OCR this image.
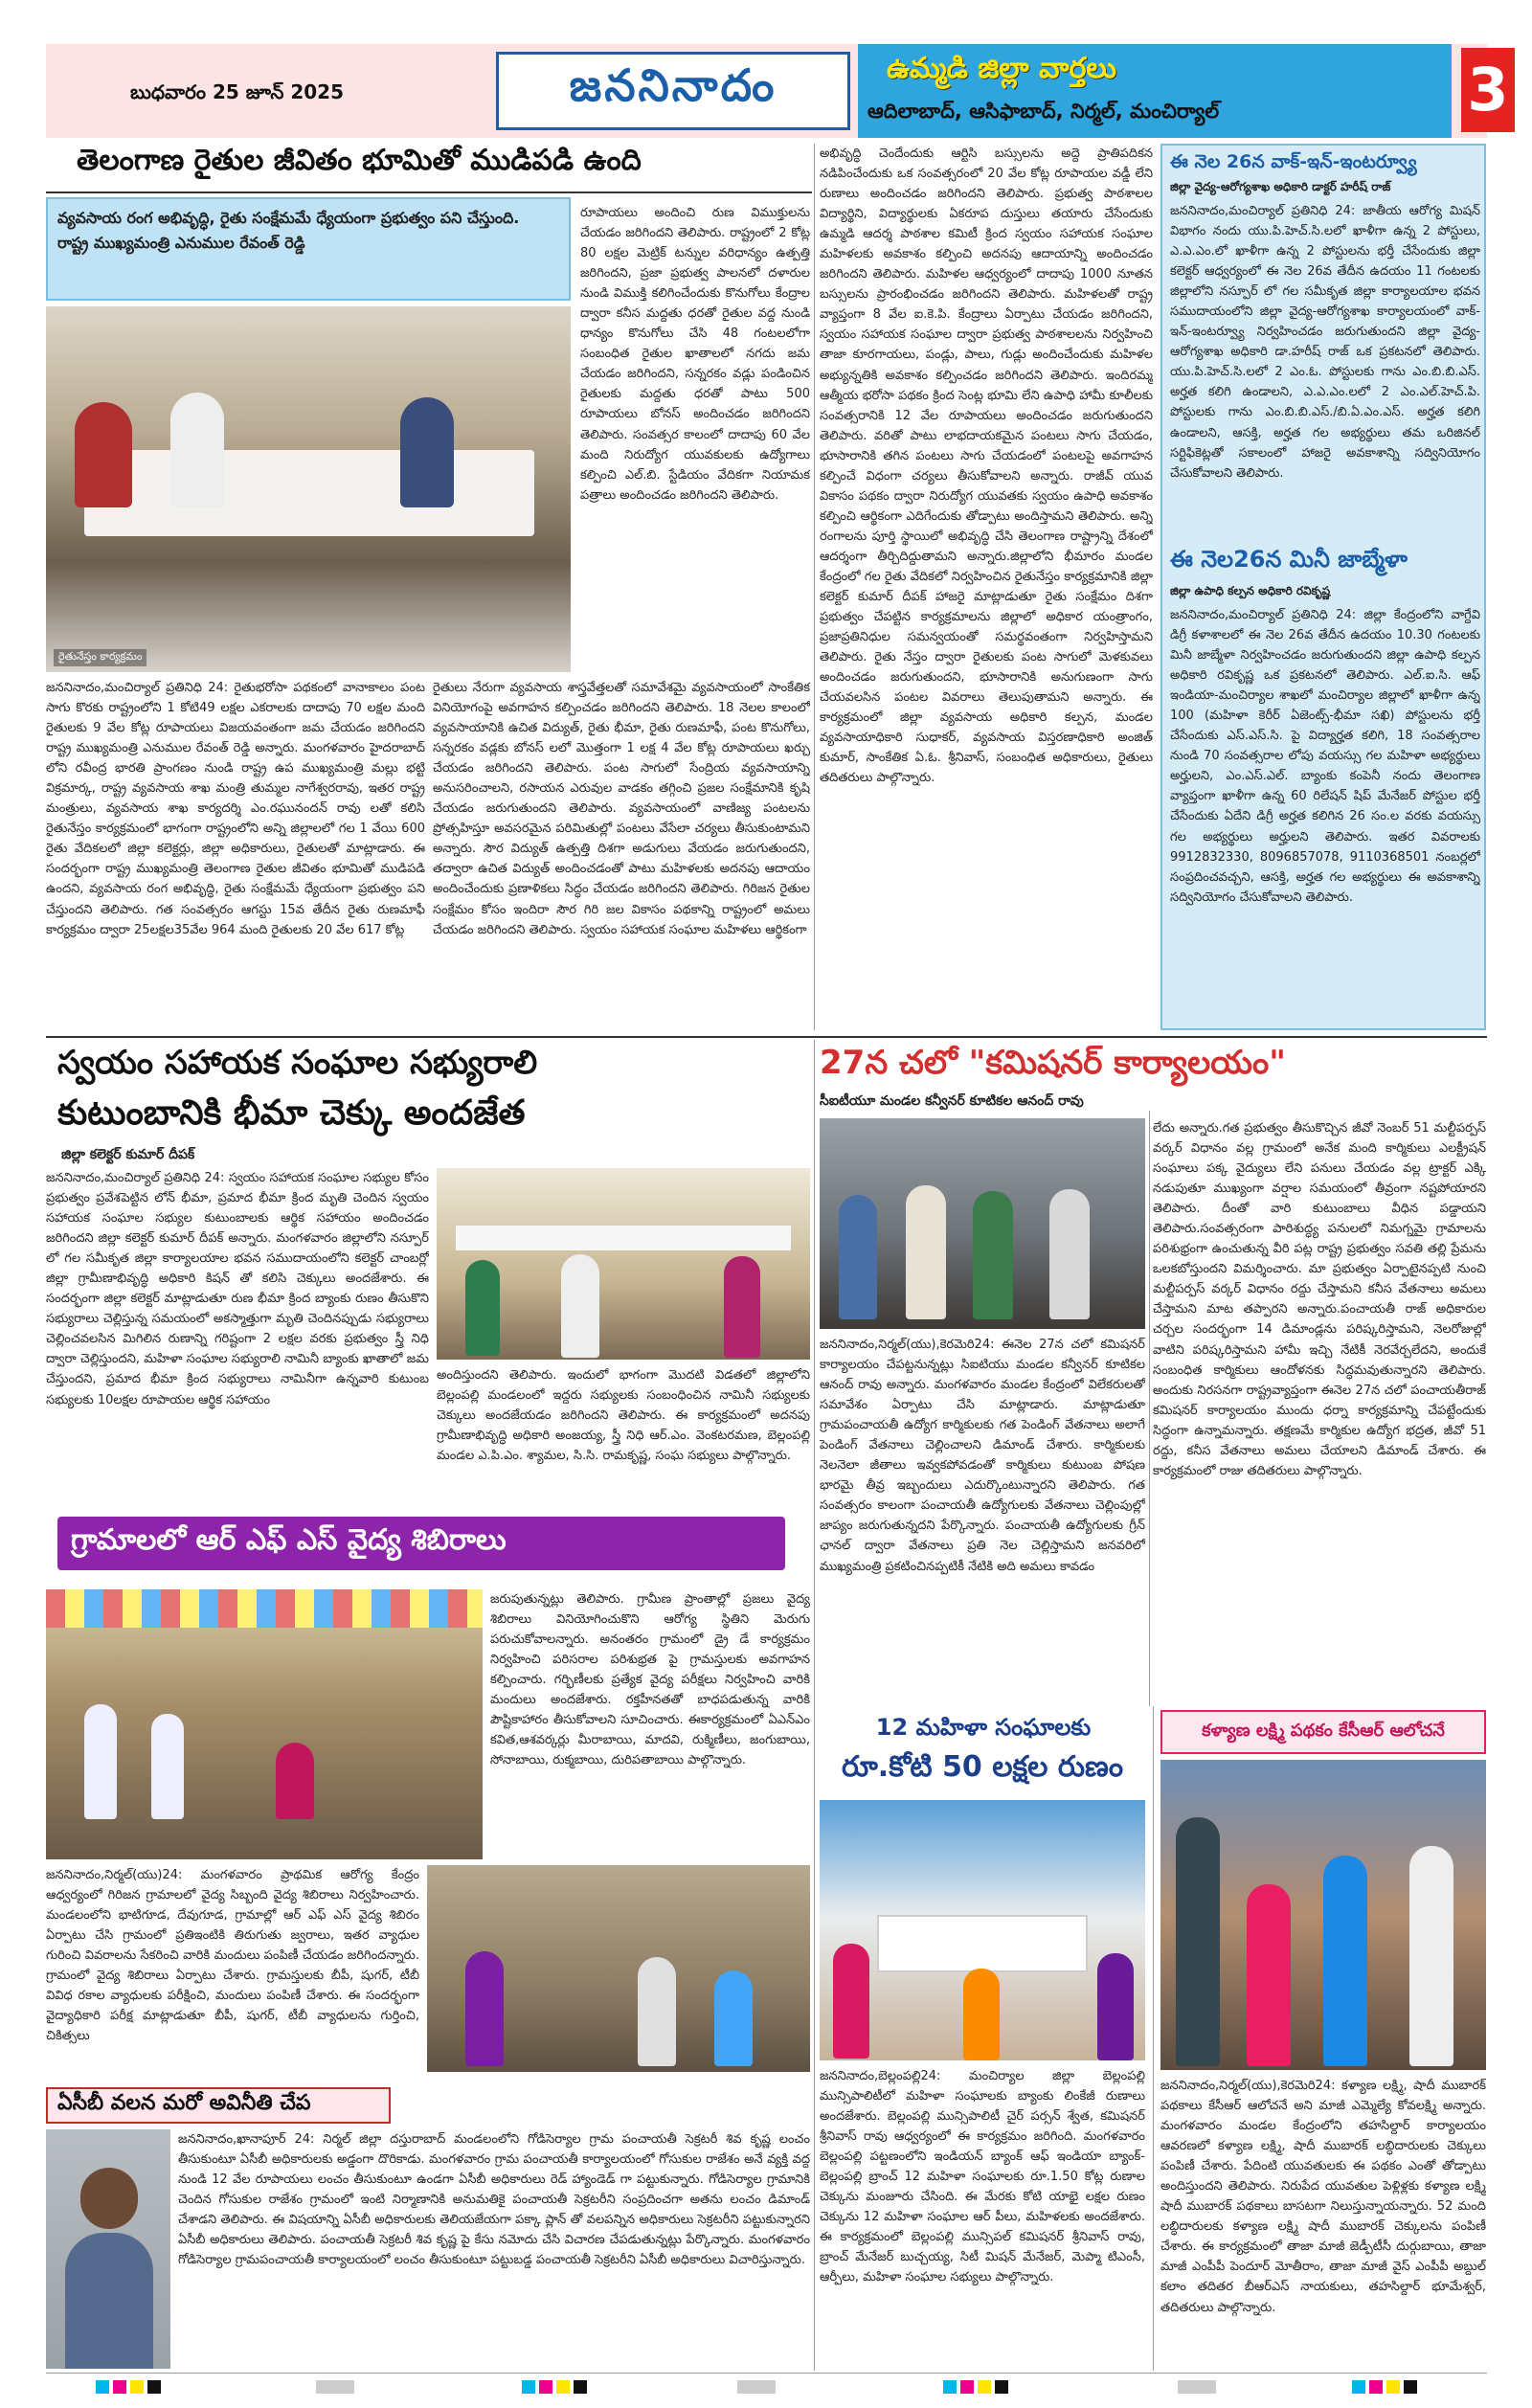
బుధవారం 25 జూన్ 2025	జననినాదం	ఉమ్మడి జిల్లా వార్తలు
ఆదిలాబాద్, ఆసిఫాబాద్, నిర్మల్, మంచిర్యాల్	3
తెలంగాణ రైతుల జీవితం భూమితో ముడిపడి ఉంది
వ్యవసాయ రంగ అభివృద్ధి, రైతు సంక్షేమమే ధ్యేయంగా ప్రభుత్వం పని చేస్తుంది.
రాష్ట్ర ముఖ్యమంత్రి ఎనుముల రేవంత్ రెడ్డి
రైతునేస్తం కార్యక్రమం
రూపాయలు అందించి రుణ విముక్తులను చేయడం జరిగిందని తెలిపారు. రాష్ట్రంలో 2 కోట్ల 80 లక్షల మెట్రిక్ టన్నుల వరిధాన్యం ఉత్పత్తి జరిగిందని, ప్రజా ప్రభుత్వ పాలనలో దళారుల నుండి విముక్తి కలిగించేందుకు కొనుగోలు కేంద్రాల ద్వారా కనీస మద్దతు ధరతో రైతుల వద్ద నుండి ధాన్యం కొనుగోలు చేసి 48 గంటలలోగా సంబంధిత రైతుల ఖాతాలలో నగదు జమ చేయడం జరిగిందని, సన్నరకం వడ్లు పండించిన రైతులకు మద్దతు ధరతో పాటు 500 రూపాయలు బోనస్ అందించడం జరిగిందని తెలిపారు. సంవత్సర కాలంలో దాదాపు 60 వేల మంది నిరుద్యోగ యువకులకు ఉద్యోగాలు కల్పించి ఎల్.బి. స్టేడియం వేదికగా నియామక పత్రాలు అందించడం జరిగిందని తెలిపారు.
జననినాదం,మంచిర్యాల్ ప్రతినిధి 24: రైతుభరోసా పథకంలో వానాకాలం పంట సాగు కొరకు రాష్ట్రంలోని 1 కోటి49 లక్షల ఎకరాలకు దాదాపు 70 లక్షల మంది రైతులకు 9 వేల కోట్ల రూపాయలు విజయవంతంగా జమ చేయడం జరిగిందని రాష్ట్ర ముఖ్యమంత్రి ఎనుముల రేవంత్ రెడ్డి అన్నారు. మంగళవారం హైదరాబాద్ లోని రవీంద్ర భారతి ప్రాంగణం నుండి రాష్ట్ర ఉప ముఖ్యమంత్రి మల్లు భట్టి విక్రమార్క, రాష్ట్ర వ్యవసాయ శాఖ మంత్రి తుమ్మల నాగేశ్వరరావు, ఇతర రాష్ట్ర మంత్రులు, వ్యవసాయ శాఖ కార్యదర్శి ఎం.రఘునందన్ రావు లతో కలిసి రైతునేస్తం కార్యక్రమంలో భాగంగా రాష్ట్రంలోని అన్ని జిల్లాలలో గల 1 వేయి 600 రైతు వేదికలలో జిల్లా కలెక్టర్లు, జిల్లా అధికారులు, రైతులతో మాట్లాడారు. ఈ సందర్భంగా రాష్ట్ర ముఖ్యమంత్రి తెలంగాణ రైతుల జీవితం భూమితో ముడిపడి ఉందని, వ్యవసాయ రంగ అభివృద్ధి, రైతు సంక్షేమమే ధ్యేయంగా ప్రభుత్వం పని చేస్తుందని తెలిపారు. గత సంవత్సరం ఆగస్టు 15వ తేదీన రైతు రుణమాఫీ కార్యక్రమం ద్వారా 25లక్షల35వేల 964 మంది రైతులకు 20 వేల 617 కోట్ల
రైతులు నేరుగా వ్యవసాయ శాస్త్రవేత్తలతో సమావేశమై వ్యవసాయంలో సాంకేతిక వినియోగంపై అవగాహన కల్పించడం జరిగిందని తెలిపారు. 18 నెలల కాలంలో వ్యవసాయానికి ఉచిత విద్యుత్, రైతు భీమా, రైతు రుణమాఫీ, పంట కొనుగోలు, సన్నరకం వడ్లకు బోనస్ లలో మొత్తంగా 1 లక్ష 4 వేల కోట్ల రూపాయలు ఖర్చు చేయడం జరిగిందని తెలిపారు. పంట సాగులో సేంద్రియ వ్యవసాయాన్ని అనుసరించాలని, రసాయన ఎరువుల వాడకం తగ్గించి ప్రజల సంక్షేమానికి కృషి చేయడం జరుగుతుందని తెలిపారు. వ్యవసాయంలో వాణిజ్య పంటలను ప్రోత్సహిస్తూ అవసరమైన పరిమితుల్లో పంటలు వేసేలా చర్యలు తీసుకుంటామని అన్నారు. సౌర విద్యుత్ ఉత్పత్తి దిశగా అడుగులు వేయడం జరుగుతుందని, తద్వారా ఉచిత విద్యుత్ అందించడంతో పాటు మహిళలకు అదనపు ఆదాయం అందించేందుకు ప్రణాళికలు సిద్ధం చేయడం జరిగిందని తెలిపారు. గిరిజన రైతుల సంక్షేమం కోసం ఇందిరా సౌర గిరి జల వికాసం పథకాన్ని రాష్ట్రంలో అమలు చేయడం జరిగిందని తెలిపారు. స్వయం సహాయక సంఘాల మహిళలు ఆర్థికంగా
అభివృద్ధి చెందేందుకు ఆర్టిసి బస్సులను అద్దె ప్రాతిపదికన నడిపించేందుకు ఒక సంవత్సరంలో 20 వేల కోట్ల రూపాయల వడ్డీ లేని రుణాలు అందించడం జరిగిందని తెలిపారు. ప్రభుత్వ పాఠశాలల విద్యార్థిని, విద్యార్థులకు ఏకరూప దుస్తులు తయారు చేసేందుకు ఉమ్మడి ఆదర్శ పాఠశాల కమిటీ క్రింద స్వయం సహాయక సంఘాల మహిళలకు అవకాశం కల్పించి అదనపు ఆదాయాన్ని అందించడం జరిగిందని తెలిపారు. మహిళల ఆధ్వర్యంలో దాదాపు 1000 నూతన బస్సులను ప్రారంభించడం జరిగిందని తెలిపారు. మహిళలతో రాష్ట్ర వ్యాప్తంగా 8 వేల ఐ.కె.పి. కేంద్రాలు ఏర్పాటు చేయడం జరిగిందని, స్వయం సహాయక సంఘాల ద్వారా ప్రభుత్వ పాఠశాలలను నిర్వహించి తాజా కూరగాయలు, పండ్లు, పాలు, గుడ్లు అందించేందుకు మహిళల అభ్యున్నతికి అవకాశం కల్పించడం జరిగిందని తెలిపారు. ఇందిరమ్మ ఆత్మీయ భరోసా పథకం క్రింద సెంట్ల భూమి లేని ఉపాధి హామీ కూలీలకు సంవత్సరానికి 12 వేల రూపాయలు అందించడం జరుగుతుందని తెలిపారు. వరితో పాటు లాభదాయకమైన పంటలు సాగు చేయడం, భూసారానికి తగిన పంటలు సాగు చేయడంలో పంటలపై అవగాహన కల్పించే విధంగా చర్యలు తీసుకోవాలని అన్నారు. రాజీవ్ యువ వికాసం పథకం ద్వారా నిరుద్యోగ యువతకు స్వయం ఉపాధి అవకాశం కల్పించి ఆర్థికంగా ఎదిగేందుకు తోడ్పాటు అందిస్తామని తెలిపారు. అన్ని రంగాలను పూర్తి స్థాయిలో అభివృద్ధి చేసి తెలంగాణ రాష్ట్రాన్ని దేశంలో ఆదర్శంగా తీర్చిదిద్దుతామని అన్నారు.జిల్లాలోని భీమారం మండల కేంద్రంలో గల రైతు వేదికలో నిర్వహించిన రైతునేస్తం కార్యక్రమానికి జిల్లా కలెక్టర్ కుమార్ దీపక్ హాజరై మాట్లాడుతూ రైతు సంక్షేమం దిశగా ప్రభుత్వం చేపట్టిన కార్యక్రమాలను జిల్లాలో అధికార యంత్రాంగం, ప్రజాప్రతినిధుల సమన్వయంతో సమర్థవంతంగా నిర్వహిస్తామని తెలిపారు. రైతు నేస్తం ద్వారా రైతులకు పంట సాగులో మెళకువలు అందించడం జరుగుతుందని, భూసారానికి అనుగుణంగా సాగు చేయవలసిన పంటల వివరాలు తెలుపుతామని అన్నారు. ఈ కార్యక్రమంలో జిల్లా వ్యవసాయ అధికారి కల్పన, మండల వ్యవసాయాధికారి సుధాకర్, వ్యవసాయ విస్తరణాధికారి అంజిత్ కుమార్, సాంకేతిక ఏ.ఓ. శ్రీనివాస్, సంబంధిత అధికారులు, రైతులు తదితరులు పాల్గొన్నారు.
ఈ నెల 26న వాక్-ఇన్-ఇంటర్వ్యూ
జిల్లా వైద్య-ఆరోగ్యశాఖ అధికారి డాక్టర్ హరీష్ రాజ్
జననినాదం,మంచిర్యాల్ ప్రతినిధి 24: జాతీయ ఆరోగ్య మిషన్ విభాగం నందు యు.పి.హెచ్.సి.లలో ఖాళీగా ఉన్న 2 పోస్టులు, ఎ.ఎ.ఎం.లో ఖాళీగా ఉన్న 2 పోస్టులను భర్తీ చేసేందుకు జిల్లా కలెక్టర్ ఆధ్వర్యంలో ఈ నెల 26వ తేదీన ఉదయం 11 గంటలకు జిల్లాలోని నస్పూర్ లో గల సమీకృత జిల్లా కార్యాలయాల భవన సముదాయంలోని జిల్లా వైద్య-ఆరోగ్యశాఖ కార్యాలయంలో వాక్-ఇన్-ఇంటర్వ్యూ నిర్వహించడం జరుగుతుందని జిల్లా వైద్య-ఆరోగ్యశాఖ అధికారి డా.హరీష్ రాజ్ ఒక ప్రకటనలో తెలిపారు. యు.పి.హెచ్.సి.లలో 2 ఎం.ఓ. పోస్టులకు గాను ఎం.బి.బి.ఎస్. అర్హత కలిగి ఉండాలని, ఎ.ఎ.ఎం.లలో 2 ఎం.ఎల్.హెచ్.పి. పోస్టులకు గాను ఎం.బి.బి.ఎస్./బి.ఏ.ఎం.ఎస్. అర్హత కలిగి ఉండాలని, ఆసక్తి, అర్హత గల అభ్యర్థులు తమ ఒరిజినల్ సర్టిఫికెట్లతో సకాలంలో హాజరై అవకాశాన్ని సద్వినియోగం చేసుకోవాలని తెలిపారు.
ఈ నెల26న మినీ జాబ్మేళా
జిల్లా ఉపాధి కల్పన అధికారి రవికృష్ణ
జననినాదం,మంచిర్యాల్ ప్రతినిధి 24: జిల్లా కేంద్రంలోని వాగ్దేవి డిగ్రీ కళాశాలలో ఈ నెల 26వ తేదీన ఉదయం 10.30 గంటలకు మినీ జాబ్మేళా నిర్వహించడం జరుగుతుందని జిల్లా ఉపాధి కల్పన అధికారి రవికృష్ణ ఒక ప్రకటనలో తెలిపారు. ఎల్.ఐ.సి. ఆఫ్ ఇండియా-మంచిర్యాల శాఖలో మంచిర్యాల జిల్లాలో ఖాళీగా ఉన్న 100 (మహిళా కెరీర్ ఏజెంట్స్-భీమా సఖి) పోస్టులను భర్తీ చేసేందుకు ఎస్.ఎస్.సి. పై విద్యార్హత కలిగి, 18 సంవత్సరాల నుండి 70 సంవత్సరాల లోపు వయస్సు గల మహిళా అభ్యర్థులు అర్హులని, ఎం.ఎస్.ఎల్. బ్యాంకు కంపెనీ నందు తెలంగాణ వ్యాప్తంగా ఖాళీగా ఉన్న 60 రిలేషన్ షిప్ మేనేజర్ పోస్టుల భర్తీ చేసేందుకు ఏదేని డిగ్రీ అర్హత కలిగిన 26 సం.ల వరకు వయస్సు గల అభ్యర్థులు అర్హులని తెలిపారు. ఇతర వివరాలకు 9912832330, 8096857078, 9110368501 నంబర్లలో సంప్రదించవచ్చని, ఆసక్తి, అర్హత గల అభ్యర్థులు ఈ అవకాశాన్ని సద్వినియోగం చేసుకోవాలని తెలిపారు.
స్వయం సహాయక సంఘాల సభ్యురాలి
కుటుంబానికి భీమా చెక్కు అందజేత
జిల్లా కలెక్టర్ కుమార్ దీపక్
జననినాదం,మంచిర్యాల్ ప్రతినిధి 24: స్వయం సహాయక సంఘాల సభ్యుల కోసం ప్రభుత్వం ప్రవేశపెట్టిన లోన్ భీమా, ప్రమాద భీమా క్రింద మృతి చెందిన స్వయం సహాయక సంఘాల సభ్యుల కుటుంబాలకు ఆర్థిక సహాయం అందించడం జరిగిందని జిల్లా కలెక్టర్ కుమార్ దీపక్ అన్నారు. మంగళవారం జిల్లాలోని నస్పూర్ లో గల సమీకృత జిల్లా కార్యాలయాల భవన సముదాయంలోని కలెక్టర్ చాంబర్లో జిల్లా గ్రామీణాభివృద్ధి అధికారి కిషన్ తో కలిసి చెక్కులు అందజేశారు. ఈ సందర్భంగా జిల్లా కలెక్టర్ మాట్లాడుతూ రుణ భీమా క్రింద బ్యాంకు రుణం తీసుకొని సభ్యురాలు చెల్లిస్తున్న సమయంలో అకస్మాత్తుగా మృతి చెందినప్పుడు సభ్యురాలు చెల్లించవలసిన మిగిలిన రుణాన్ని గరిష్టంగా 2 లక్షల వరకు ప్రభుత్వం స్త్రీ నిధి ద్వారా చెల్లిస్తుందని, మహిళా సంఘాల సభ్యురాలి నామినీ బ్యాంకు ఖాతాలో జమ చేస్తుందని, ప్రమాద భీమా క్రింద సభ్యురాలు నామినీగా ఉన్నవారి కుటుంబ సభ్యులకు 10లక్షల రూపాయల ఆర్థిక సహాయం
అందిస్తుందని తెలిపారు. ఇందులో భాగంగా మొదటి విడతలో జిల్లాలోని బెల్లంపల్లి మండలంలో ఇద్దరు సభ్యులకు సంబంధించిన నామినీ సభ్యులకు చెక్కులు అందజేయడం జరిగిందని తెలిపారు. ఈ కార్యక్రమంలో అదనపు గ్రామీణాభివృద్ధి అధికారి అంజయ్య, స్త్రీ నిధి ఆర్.ఎం. వెంకటరమణ, బెల్లంపల్లి మండల ఎ.పి.ఎం. శ్యామల, సి.సి. రామకృష్ణ, సంఘ సభ్యులు పాల్గొన్నారు.
27న చలో "కమిషనర్ కార్యాలయం"
సీఐటీయూ మండల కన్వీనర్ కూటికల ఆనంద్ రావు
జననినాదం,నిర్మల్(యు),కెరమెరి24: ఈనెల 27న చలో కమిషనర్ కార్యాలయం చేపట్టనున్నట్లు సిఐటియు మండల కన్వీనర్ కూటికల ఆనంద్ రావు అన్నారు. మంగళవారం మండల కేంద్రంలో విలేకరులతో సమావేశం ఏర్పాటు చేసి మాట్లాడారు. మాట్లాడుతూ గ్రామపంచాయతీ ఉద్యోగ కార్మికులకు గత పెండింగ్ వేతనాలు అలాగే పెండింగ్ వేతనాలు చెల్లించాలని డిమాండ్ చేశారు. కార్మికులకు నెలనెలా జీతాలు ఇవ్వకపోవడంతో కార్మికులు కుటుంబ పోషణ భారమై తీవ్ర ఇబ్బందులు ఎదుర్కొంటున్నారని తెలిపారు. గత సంవత్సరం కాలంగా పంచాయతీ ఉద్యోగులకు వేతనాలు చెల్లింపుల్లో జాప్యం జరుగుతున్నదని పేర్కొన్నారు. పంచాయతీ ఉద్యోగులకు గ్రీన్ ఛానల్ ద్వారా వేతనాలు ప్రతి నెల చెల్లిస్తామని జనవరిలో ముఖ్యమంత్రి ప్రకటించినప్పటికీ నేటికి అది అమలు కావడం
లేదు అన్నారు.గత ప్రభుత్వం తీసుకొచ్చిన జీవో నెంబర్ 51 మల్టీపర్పస్ వర్కర్ విధానం వల్ల గ్రామంలో అనేక మంది కార్మికులు ఎలక్ట్రీషన్ సంఘాలు పక్క వైద్యులు లేని పనులు చేయడం వల్ల ట్రాక్టర్ ఎక్కి నడుపుతూ ముఖ్యంగా వర్షాల సమయంలో తీవ్రంగా నష్టపోయారని తెలిపారు. దీంతో వారి కుటుంబాలు వీధిన పడ్డాయని తెలిపారు.సంవత్సరంగా పారిశుద్ధ్య పనులలో నిమగ్నమై గ్రామాలను పరిశుభ్రంగా ఉంచుతున్న వీరి పట్ల రాష్ట్ర ప్రభుత్వం సవతి తల్లి ప్రేమను ఒలకబోస్తుందని విమర్శించారు. మా ప్రభుత్వం ఏర్పాటైనప్పటి నుంచి మల్టీపర్పస్ వర్కర్ విధానం రద్దు చేస్తామని కనీస వేతనాలు అమలు చేస్తామని మాట తప్పారని అన్నారు.పంచాయతీ రాజ్ అధికారుల చర్చల సందర్భంగా 14 డిమాండ్లను పరిష్కరిస్తామని, నెలరోజుల్లో వాటిని పరిష్కరిస్తామని హామీ ఇచ్చి నేటికీ నెరవేర్చలేదని, అందుకే సంబంధిత కార్మికులు ఆందోళనకు సిద్ధమవుతున్నారని తెలిపారు. అందుకు నిరసనగా రాష్ట్రవ్యాప్తంగా ఈనెల 27న చలో పంచాయతీరాజ్ కమిషనర్ కార్యాలయం ముందు ధర్నా కార్యక్రమాన్ని చేపట్టేందుకు సిద్ధంగా ఉన్నామన్నారు. తక్షణమే కార్మికుల ఉద్యోగ భద్రత, జీవో 51 రద్దు, కనీస వేతనాలు అమలు చేయాలని డిమాండ్ చేశారు. ఈ కార్యక్రమంలో రాజు తదితరులు పాల్గొన్నారు.
గ్రామాలలో ఆర్ ఎఫ్ ఎస్ వైద్య శిబిరాలు
జరుపుతున్నట్లు తెలిపారు. గ్రామీణ ప్రాంతాల్లో ప్రజలు వైద్య శిబిరాలు వినియోగించుకొని ఆరోగ్య స్థితిని మెరుగు పరుచుకోవాలన్నారు. అనంతరం గ్రామంలో డ్రై డే కార్యక్రమం నిర్వహించి పరిసరాల పరిశుభ్రత పై గ్రామస్తులకు అవగాహన కల్పించారు. గర్భిణీలకు ప్రత్యేక వైద్య పరీక్షలు నిర్వహించి వారికి మందులు అందజేశారు. రక్తహీనతతో బాధపడుతున్న వారికి పౌష్టికాహారం తీసుకోవాలని సూచించారు. ఈకార్యక్రమంలో ఏఎన్ఎం కవిత,ఆశవర్కర్లు మీరాబాయి, మాదవి, రుక్మిణీలు, జంగుబాయి, సోనాబాయి, రుక్మబాయి, దురిపతాబాయి పాల్గొన్నారు.
జననినాదం,నిర్మల్(యు)24: మంగళవారం ప్రాథమిక ఆరోగ్య కేంద్రం ఆధ్వర్యంలో గిరిజన గ్రామాలలో వైద్య సిబ్బంది వైద్య శిబిరాలు నిర్వహించారు. మండలంలోని భాటిగూడ, దేవుగూడ, గ్రామాల్లో ఆర్ ఎఫ్ ఎస్ వైద్య శిబిరం ఏర్పాటు చేసి గ్రామంలో ప్రతిఇంటికి తిరుగుతు జ్వరాలు, ఇతర వ్యాధుల గురించి వివరాలను సేకరించి వారికి మందులు పంపిణీ చేయడం జరిగిందన్నారు. గ్రామంలో వైద్య శిబిరాలు ఏర్పాటు చేశారు. గ్రామస్తులకు బీపీ, షుగర్, టీబీ వివిధ రకాల వ్యాధులకు పరీక్షించి, మందులు పంపిణీ చేశారు. ఈ సందర్భంగా వైద్యాధికారి పరీక్ష మాట్లాడుతూ బీపీ, షుగర్, టీబీ వ్యాధులను గుర్తించి, చికిత్సలు
ఏసీబీ వలన మరో అవినీతి చేప
జననినాదం,ఖానాపూర్ 24: నిర్మల్ జిల్లా దస్తురాబాద్ మండలంలోని గోడిసెర్యాల గ్రామ పంచాయతీ సెక్రటరీ శివ కృష్ణ లంచం తీసుకుంటూ ఏసీబీ అధికారులకు అడ్డంగా దొరికాడు. మంగళవారం గ్రామ పంచాయతీ కార్యాలయంలో గోసుకుల రాజేశం అనే వ్యక్తి వద్ద నుండి 12 వేల రూపాయలు లంచం తీసుకుంటూ ఉండగా ఏసీబీ అధికారులు రెడ్ హ్యాండెడ్ గా పట్టుకున్నారు. గోడిసెర్యాల గ్రామానికి చెందిన గోసుకుల రాజేశం గ్రామంలో ఇంటి నిర్మాణానికి అనుమతికై పంచాయతీ సెక్రటరీని సంప్రదించగా అతను లంచం డిమాండ్ చేశాడని తెలిపారు. ఈ విషయాన్ని ఏసీబీ అధికారులకు తెలియజేయగా పక్కా ప్లాన్ తో వలపన్నిన అధికారులు సెక్రటరీని పట్టుకున్నారని ఏసీబీ అధికారులు తెలిపారు. పంచాయతీ సెక్రటరీ శివ కృష్ణ పై కేసు నమోదు చేసి విచారణ చేపడుతున్నట్లు పేర్కొన్నారు. మంగళవారం గోడిసెర్యాల గ్రామపంచాయతీ కార్యాలయంలో లంచం తీసుకుంటూ పట్టుబడ్డ పంచాయతీ సెక్రటరీని ఏసీబీ అధికారులు విచారిస్తున్నారు.
12 మహిళా సంఘాలకు
రూ.కోటి 50 లక్షల రుణం
జననినాదం,బెల్లంపల్లి24: మంచిర్యాల జిల్లా బెల్లంపల్లి మున్సిపాలిటీలో మహిళా సంఘాలకు బ్యాంకు లింకేజీ రుణాలు అందజేశారు. బెల్లంపల్లి మున్సిపాలిటీ చైర్ పర్సన్ శ్వేత, కమిషనర్ శ్రీనివాస్ రావు ఆధ్వర్యంలో ఈ కార్యక్రమం జరిగింది. మంగళవారం బెల్లంపల్లి పట్టణంలోని ఇండియన్ బ్యాంక్ ఆఫ్ ఇండియా బ్యాంక్- బెల్లంపల్లి బ్రాంచ్ 12 మహిళా సంఘాలకు రూ.1.50 కోట్ల రుణాల చెక్కును మంజూరు చేసింది. ఈ మేరకు కోటి యాభై లక్షల రుణం చెక్కును 12 మహిళా సంఘాల ఆర్ పీలు, మహిళలకు అందజేశారు. ఈ కార్యక్రమంలో బెల్లంపల్లి మున్సిపల్ కమిషనర్ శ్రీనివాస్ రావు, బ్రాంచ్ మేనేజర్ బుచ్చయ్య, సిటీ మిషన్ మేనేజర్, మెప్మా టిఎంసీ, ఆర్పీలు, మహిళా సంఘాల సభ్యులు పాల్గొన్నారు.
కళ్యాణ లక్ష్మి పథకం కేసీఆర్ ఆలోచనే
జననినాదం,నిర్మల్(యు),కెరమెరి24: కళ్యాణ లక్ష్మి, షాదీ ముబారక్ పథకాలు కేసీఆర్ ఆలోచనే అని మాజీ ఎమ్మెల్యే కోవలక్ష్మి అన్నారు. మంగళవారం మండల కేంద్రంలోని తహసిల్దార్ కార్యాలయం ఆవరణలో కళ్యాణ లక్ష్మి, షాదీ ముబారక్ లబ్ధిదారులకు చెక్కులు పంపిణీ చేశారు. పేదింటి యువతులకు ఈ పథకం ఎంతో తోడ్పాటు అందిస్తుందని తెలిపారు. నిరుపేద యువతుల పెళ్లిళ్లకు కళ్యాణ లక్ష్మి షాదీ ముబారక్ పథకాలు బాసటగా నిలుస్తున్నాయన్నారు. 52 మంది లబ్ధిదారులకు కళ్యాణ లక్ష్మి షాదీ ముబారక్ చెక్కులను పంపిణీ చేశారు. ఈ కార్యక్రమంలో తాజా మాజీ జెడ్పీటీసీ దుర్గుబాయి, తాజా మాజీ ఎంపీపీ పెందూర్ మోతీరాం, తాజా మాజీ వైస్ ఎంపీపీ అబ్దుల్ కలాం తదితర బీఆర్ఎస్ నాయకులు, తహసిల్దార్ భూమేశ్వర్, తదితరులు పాల్గొన్నారు.
